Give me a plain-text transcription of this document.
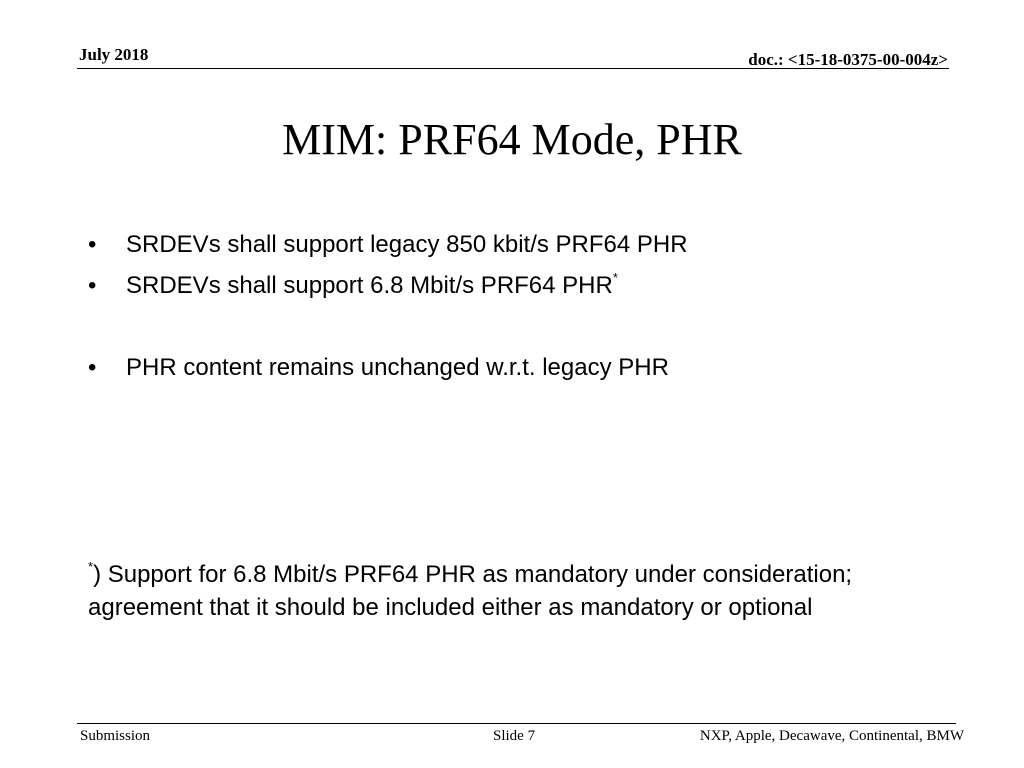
July 2018	doc.: <15-18-0375-00-004z>
MIM: PRF64 Mode, PHR
• SRDEVs shall support legacy 850 kbit/s PRF64 PHR
• SRDEVs shall support 6.8 Mbit/s PRF64 PHR*
• PHR content remains unchanged w.r.t. legacy PHR
*) Support for 6.8 Mbit/s PRF64 PHR as mandatory under consideration; agreement that it should be included either as mandatory or optional
Submission	Slide 7	NXP, Apple, Decawave, Continental, BMW
